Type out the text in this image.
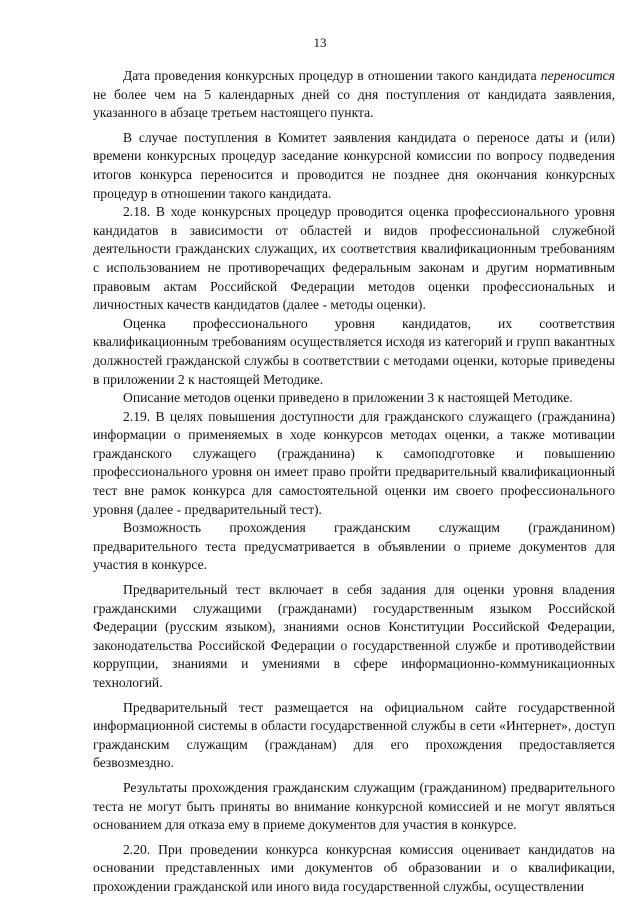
13

Дата проведения конкурсных процедур в отношении такого кандидата переносится не более чем на 5 календарных дней со дня поступления от кандидата заявления, указанного в абзаце третьем настоящего пункта.

В случае поступления в Комитет заявления кандидата о переносе даты и (или) времени конкурсных процедур заседание конкурсной комиссии по вопросу подведения итогов конкурса переносится и проводится не позднее дня окончания конкурсных процедур в отношении такого кандидата.

2.18. В ходе конкурсных процедур проводится оценка профессионального уровня кандидатов в зависимости от областей и видов профессиональной служебной деятельности гражданских служащих, их соответствия квалификационным требованиям с использованием не противоречащих федеральным законам и другим нормативным правовым актам Российской Федерации методов оценки профессиональных и личностных качеств кандидатов (далее - методы оценки).

Оценка профессионального уровня кандидатов, их соответствия квалификационным требованиям осуществляется исходя из категорий и групп вакантных должностей гражданской службы в соответствии с методами оценки, которые приведены в приложении 2 к настоящей Методике.

Описание методов оценки приведено в приложении 3 к настоящей Методике.

2.19. В целях повышения доступности для гражданского служащего (гражданина) информации о применяемых в ходе конкурсов методах оценки, а также мотивации гражданского служащего (гражданина) к самоподготовке и повышению профессионального уровня он имеет право пройти предварительный квалификационный тест вне рамок конкурса для самостоятельной оценки им своего профессионального уровня (далее - предварительный тест).

Возможность прохождения гражданским служащим (гражданином) предварительного теста предусматривается в объявлении о приеме документов для участия в конкурсе.

Предварительный тест включает в себя задания для оценки уровня владения гражданскими служащими (гражданами) государственным языком Российской Федерации (русским языком), знаниями основ Конституции Российской Федерации, законодательства Российской Федерации о государственной службе и противодействии коррупции, знаниями и умениями в сфере информационно-коммуникационных технологий.

Предварительный тест размещается на официальном сайте государственной информационной системы в области государственной службы в сети «Интернет», доступ гражданским служащим (гражданам) для его прохождения предоставляется безвозмездно.

Результаты прохождения гражданским служащим (гражданином) предварительного теста не могут быть приняты во внимание конкурсной комиссией и не могут являться основанием для отказа ему в приеме документов для участия в конкурсе.

2.20. При проведении конкурса конкурсная комиссия оценивает кандидатов на основании представленных ими документов об образовании и о квалификации, прохождении гражданской или иного вида государственной службы, осуществлении
